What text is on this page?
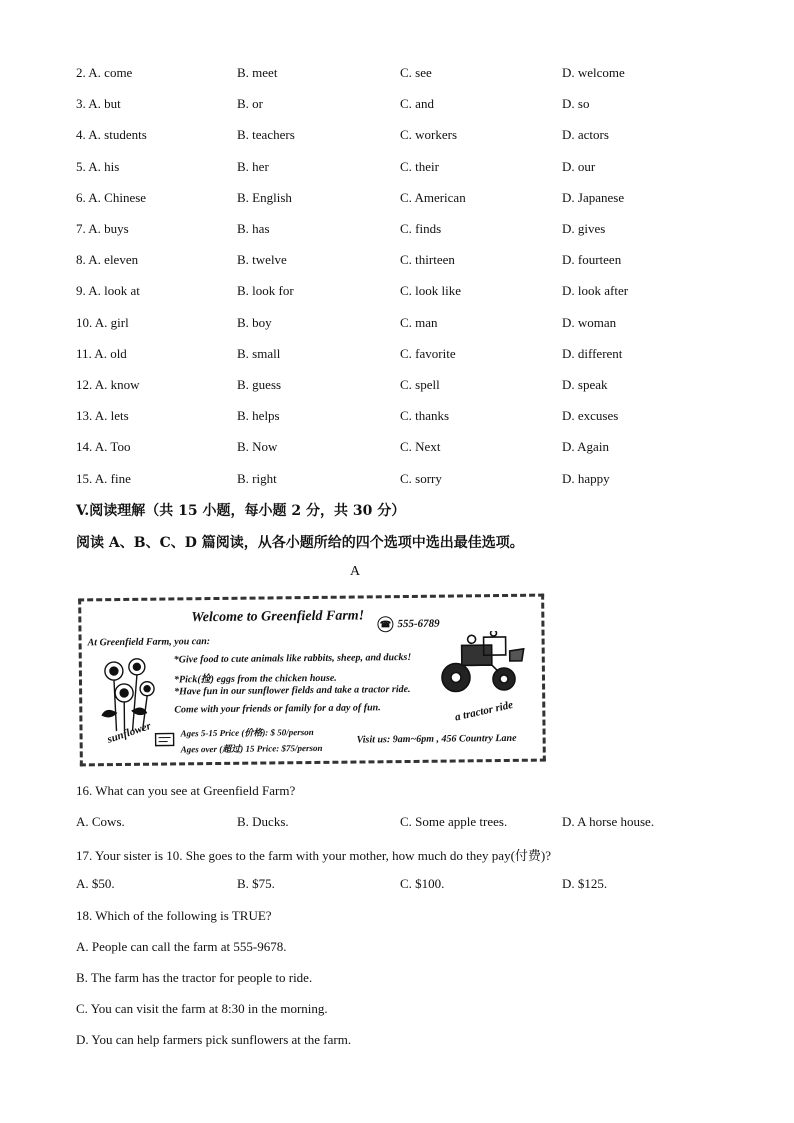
2. A. come	B. meet	C. see	D. welcome
3. A. but	B. or	C. and	D. so
4. A. students	B. teachers	C. workers	D. actors
5. A. his	B. her	C. their	D. our
6. A. Chinese	B. English	C. American	D. Japanese
7. A. buys	B. has	C. finds	D. gives
8. A. eleven	B. twelve	C. thirteen	D. fourteen
9. A. look at	B. look for	C. look like	D. look after
10. A. girl	B. boy	C. man	D. woman
11. A. old	B. small	C. favorite	D. different
12. A. know	B. guess	C. spell	D. speak
13. A. lets	B. helps	C. thanks	D. excuses
14. A. Too	B. Now	C. Next	D. Again
15. A. fine	B. right	C. sorry	D. happy
V.阅读理解（共 15 小题，每小题 2 分，共 30 分）
阅读 A、B、C、D 篇阅读，从各小题所给的四个选项中选出最佳选项。
A
Welcome to Greenfield Farm! ☎ 555-6789
At Greenfield Farm, you can:
*Give food to cute animals like rabbits, sheep, and ducks!
*Pick(捡) eggs from the chicken house.
*Have fun in our sunflower fields and take a tractor ride.
Come with your friends or family for a day of fun.
sunflower
a tractor ride
Ages 5-15 Price (价格): $ 50/person
Ages over (超过) 15 Price: $75/person
Visit us: 9am~6pm , 456 Country Lane
16. What can you see at Greenfield Farm?
A. Cows.	B. Ducks.	C. Some apple trees.	D. A horse house.
17. Your sister is 10. She goes to the farm with your mother, how much do they pay(付费)?
A. $50.	B. $75.	C. $100.	D. $125.
18. Which of the following is TRUE?
A. People can call the farm at 555-9678.
B. The farm has the tractor for people to ride.
C. You can visit the farm at 8:30 in the morning.
D. You can help farmers pick sunflowers at the farm.
